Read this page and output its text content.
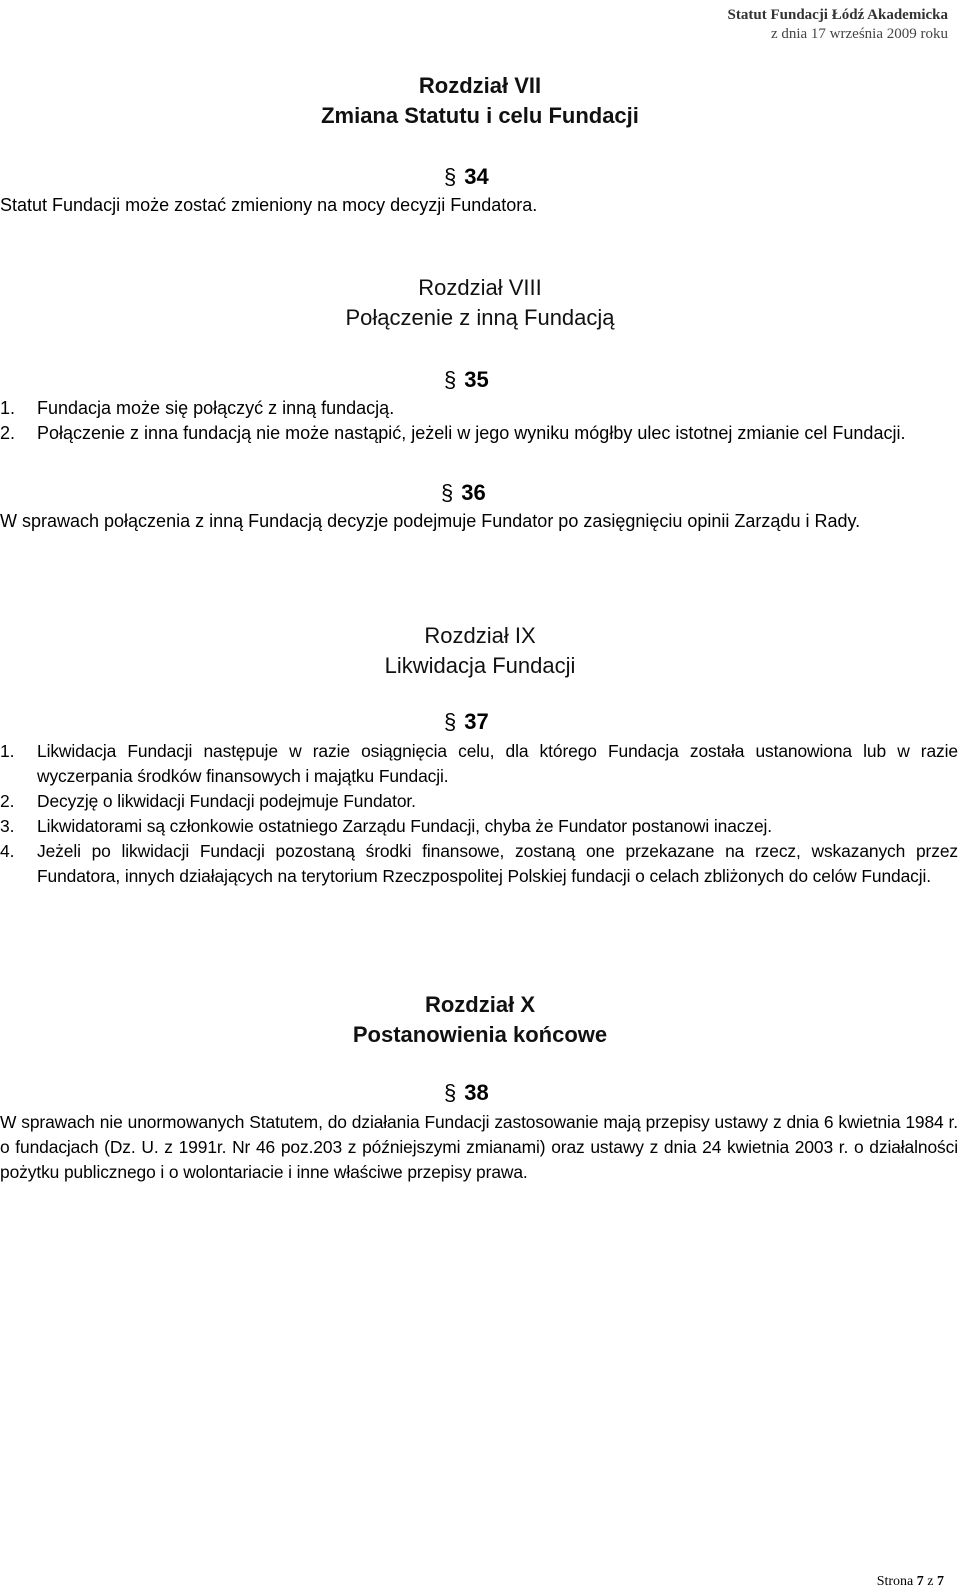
Statut Fundacji Łódź Akademicka
z dnia 17 września 2009 roku
Rozdział VII
Zmiana Statutu i celu Fundacji
§ 34
Statut Fundacji może zostać zmieniony na mocy decyzji Fundatora.
Rozdział VIII
Połączenie z inną Fundacją
§ 35
1. Fundacja może się połączyć z inną fundacją.
2. Połączenie z inna fundacją nie może nastąpić, jeżeli w jego wyniku mógłby ulec istotnej zmianie cel Fundacji.
§ 36
W sprawach połączenia z inną Fundacją decyzje podejmuje Fundator po zasięgnięciu opinii Zarządu i Rady.
Rozdział IX
Likwidacja Fundacji
§ 37
1. Likwidacja Fundacji następuje w razie osiągnięcia celu, dla którego Fundacja została ustanowiona lub w razie wyczerpania środków finansowych i majątku Fundacji.
2. Decyzję o likwidacji Fundacji podejmuje Fundator.
3. Likwidatorami są członkowie ostatniego Zarządu Fundacji, chyba że Fundator postanowi inaczej.
4. Jeżeli po likwidacji Fundacji pozostaną środki finansowe, zostaną one przekazane na rzecz, wskazanych przez Fundatora, innych działających na terytorium Rzeczpospolitej Polskiej fundacji o celach zbliżonych do celów Fundacji.
Rozdział X
Postanowienia końcowe
§ 38
W sprawach nie unormowanych Statutem, do działania Fundacji zastosowanie mają przepisy ustawy z dnia 6 kwietnia 1984 r. o fundacjach (Dz. U. z 1991r. Nr 46 poz.203 z późniejszymi zmianami) oraz ustawy z dnia 24 kwietnia 2003 r. o działalności pożytku publicznego i o wolontariacie i inne właściwe przepisy prawa.
Strona 7 z 7
